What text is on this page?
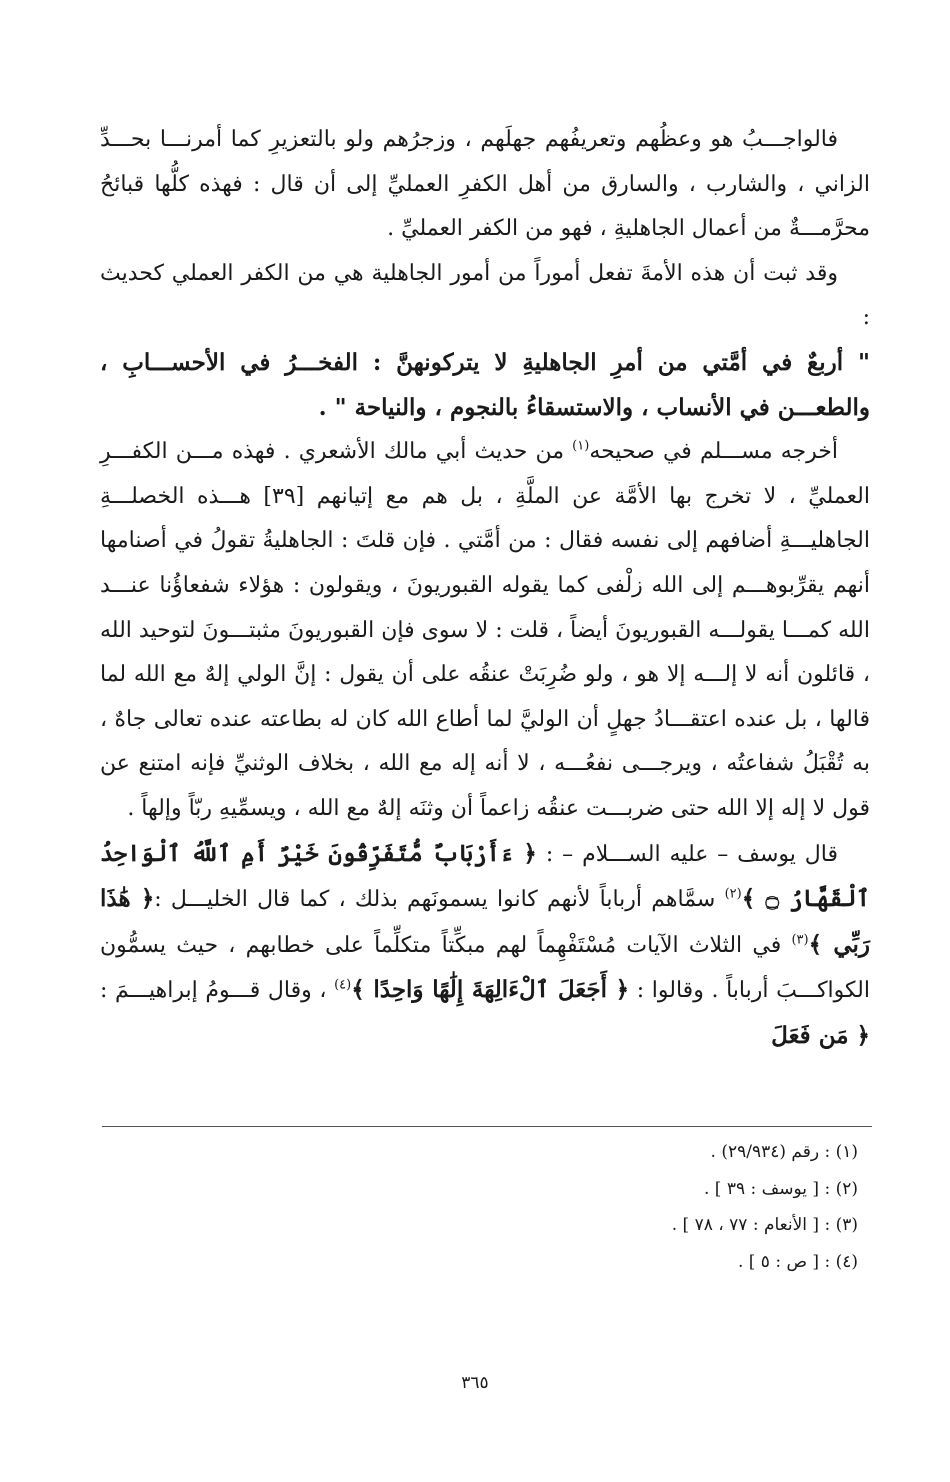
فالواجـــبُ هو وعظُهم وتعريفُهم جهلَهم ، وزجرُهم ولو بالتعزيرِ كما أمرنـــا بحـــدِّ الزاني ، والشارب ، والسارق من أهل الكفرِ العمليِّ إلى أن قال : فهذه كلُّها قبائحُ محرَّمـــةٌ من أعمال الجاهليةِ ، فهو من الكفر العمليِّ .

وقد ثبت أن هذه الأمةَ تفعل أموراً من أمور الجاهلية هي من الكفر العملي كحديث :

" أربعٌ في أمَّتي من أمرِ الجاهليةِ لا يتركونهنَّ : الفخـــرُ في الأحســـابِ ، والطعـــن في الأنساب ، والاستسقاءُ بالنجوم ، والنياحة " .

أخرجه مســـلم في صحيحه$^{(١)}$ من حديث أبي مالك الأشعري . فهذه مـــن الكفـــرِ العمليِّ ، لا تخرج بها الأمَّة عن الملَّةِ ، بل هم مع إتيانهم [٣٩] هـــذه الخصلـــةِ الجاهليـــةِ أضافهم إلى نفسه فقال : من أمَّتي . فإن قلتَ : الجاهليةُ تقولُ في أصنامها أنهم يقرِّبوهـــم إلى الله زلْفى كما يقوله القبوريونَ ، ويقولون : هؤلاء شفعاؤُنا عنـــد الله كمـــا يقولـــه القبوريونَ أيضاً ، قلت : لا سوى فإن القبوريونَ مثبتـــونَ لتوحيد الله ، قائلون أنه لا إلـــه إلا هو ، ولو ضُرِبَتْ عنقُه على أن يقول : إنَّ الولي إلهٌ مع الله لما قالها ، بل عنده اعتقـــادُ جهلٍ أن الوليَّ لما أطاع الله كان له بطاعته عنده تعالى جاهٌ ، به تُقْبَلُ شفاعتُه ، ويرجـــى نفعُـــه ، لا أنه إله مع الله ، بخلاف الوثنيِّ فإنه امتنع عن قول لا إله إلا الله حتى ضربـــت عنقُه زاعماً أن وثنَه إلهٌ مع الله ، ويسمِّيهِ ربّاً وإلهاً .

قال يوسف – عليه الســـلام – : ﴿ ءَأَرْبَابٌ مُّتَفَرِّقُونَ خَيْرٌ أَمِ ٱللَّهُ ٱلْوَاحِدُ ٱلْقَهَّارُ ۝ ﴾$^{(٢)}$ سمَّاهم أرباباً لأنهم كانوا يسمونَهم بذلك ، كما قال الخليـــل :﴿ هَٰذَا رَبِّي ﴾$^{(٣)}$ في الثلاث الآيات مُسْتَفْهِماً لهم مبكِّتاً متكلِّماً على خطابهم ، حيث يسمُّون الكواكـــبَ أرباباً . وقالوا : ﴿ أَجَعَلَ ٱلْءَالِهَةَ إِلَٰهًا وَاحِدًا ﴾$^{(٤)}$ ، وقال قـــومُ إبراهيـــمَ : ﴿ مَن فَعَلَ

(١) : رقم (٢٩/٩٣٤) .

(٢) : [ يوسف : ٣٩ ] .

(٣) : [ الأنعام : ٧٧ ، ٧٨ ] .

(٤) : [ ص : ٥ ] .

٣٦٥
